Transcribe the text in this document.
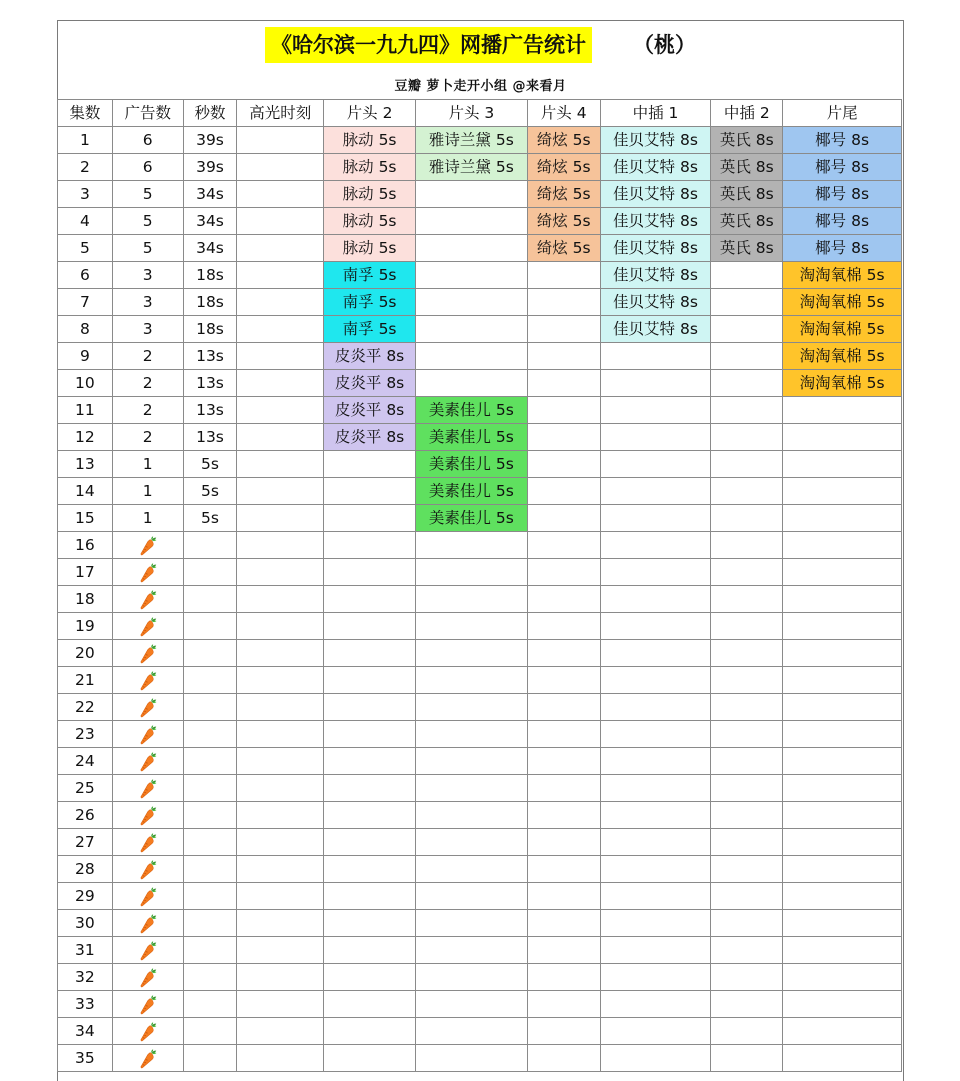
《哈尔滨一九九四》网播广告统计 （桃）
豆瓣 萝卜走开小组 @来看月
集数	广告数	秒数	高光时刻	片头 2	片头 3	片头 4	中插 1	中插 2	片尾
1	6	39s		脉动 5s	雅诗兰黛 5s	绮炫 5s	佳贝艾特 8s	英氏 8s	椰号 8s
2	6	39s		脉动 5s	雅诗兰黛 5s	绮炫 5s	佳贝艾特 8s	英氏 8s	椰号 8s
3	5	34s		脉动 5s		绮炫 5s	佳贝艾特 8s	英氏 8s	椰号 8s
4	5	34s		脉动 5s		绮炫 5s	佳贝艾特 8s	英氏 8s	椰号 8s
5	5	34s		脉动 5s		绮炫 5s	佳贝艾特 8s	英氏 8s	椰号 8s
6	3	18s		南孚 5s			佳贝艾特 8s		淘淘氧棉 5s
7	3	18s		南孚 5s			佳贝艾特 8s		淘淘氧棉 5s
8	3	18s		南孚 5s			佳贝艾特 8s		淘淘氧棉 5s
9	2	13s		皮炎平 8s					淘淘氧棉 5s
10	2	13s		皮炎平 8s					淘淘氧棉 5s
11	2	13s		皮炎平 8s	美素佳儿 5s				
12	2	13s		皮炎平 8s	美素佳儿 5s				
13	1	5s			美素佳儿 5s				
14	1	5s			美素佳儿 5s				
15	1	5s			美素佳儿 5s				
16									
17									
18									
19									
20									
21									
22									
23									
24									
25									
26									
27									
28									
29									
30									
31									
32									
33									
34									
35									
